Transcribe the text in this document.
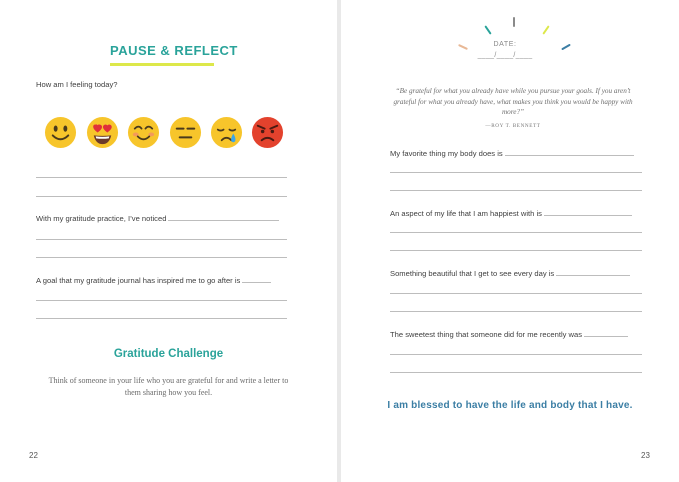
PAUSE & REFLECT
How am I feeling today?
With my gratitude practice, I’ve noticed
A goal that my gratitude journal has inspired me to go after is
Gratitude Challenge
Think of someone in your life who you are grateful for and write a letter to them sharing how you feel.
22
DATE:
____/____/____
“Be grateful for what you already have while you pursue your goals. If you aren’t grateful for what you already have, what makes you think you would be happy with more?”
—ROY T. BENNETT
My favorite thing my body does is
An aspect of my life that I am happiest with is
Something beautiful that I get to see every day is
The sweetest thing that someone did for me recently was
I am blessed to have the life and body that I have.
23
